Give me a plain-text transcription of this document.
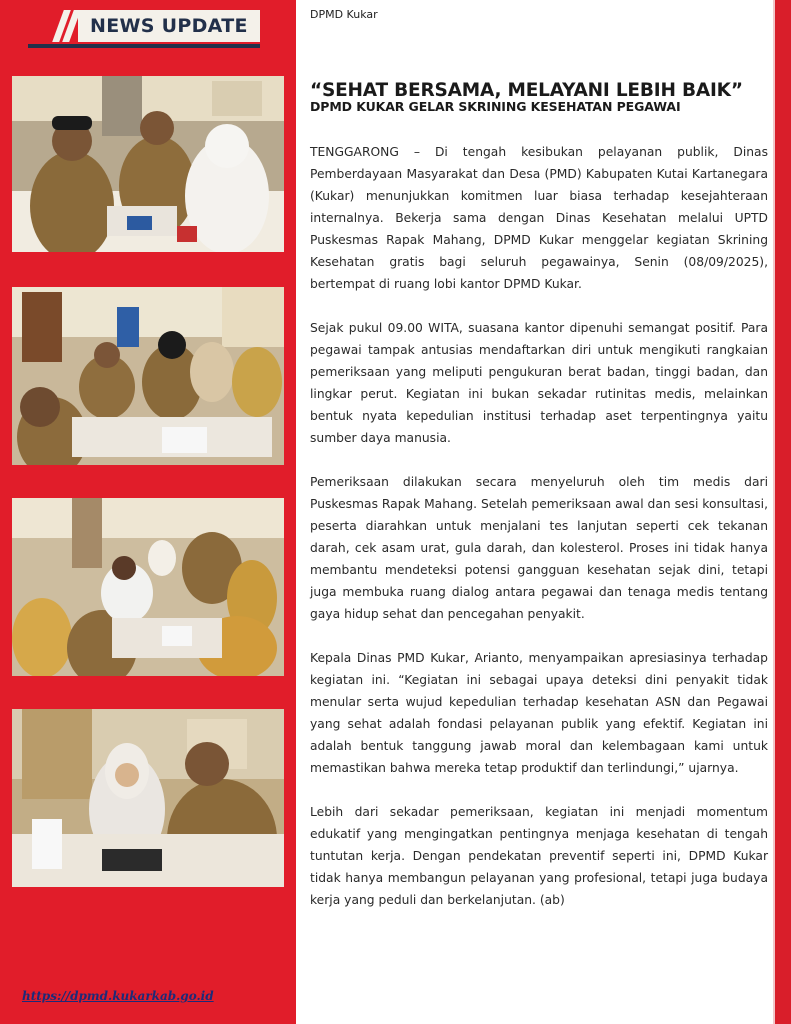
NEWS UPDATE
https://dpmd.kukarkab.go.id
DPMD Kukar
“SEHAT BERSAMA, MELAYANI LEBIH BAIK”
DPMD KUKAR GELAR SKRINING KESEHATAN PEGAWAI

TENGGARONG – Di tengah kesibukan pelayanan publik, Dinas Pemberdayaan Masyarakat dan Desa (PMD) Kabupaten Kutai Kartanegara (Kukar) menunjukkan komitmen luar biasa terhadap kesejahteraan internalnya. Bekerja sama dengan Dinas Kesehatan melalui UPTD Puskesmas Rapak Mahang, DPMD Kukar menggelar kegiatan Skrining Kesehatan gratis bagi seluruh pegawainya, Senin (08/09/2025), bertempat di ruang lobi kantor DPMD Kukar.

Sejak pukul 09.00 WITA, suasana kantor dipenuhi semangat positif. Para pegawai tampak antusias mendaftarkan diri untuk mengikuti rangkaian pemeriksaan yang meliputi pengukuran berat badan, tinggi badan, dan lingkar perut. Kegiatan ini bukan sekadar rutinitas medis, melainkan bentuk nyata kepedulian institusi terhadap aset terpentingnya yaitu sumber daya manusia.

Pemeriksaan dilakukan secara menyeluruh oleh tim medis dari Puskesmas Rapak Mahang. Setelah pemeriksaan awal dan sesi konsultasi, peserta diarahkan untuk menjalani tes lanjutan seperti cek tekanan darah, cek asam urat, gula darah, dan kolesterol. Proses ini tidak hanya membantu mendeteksi potensi gangguan kesehatan sejak dini, tetapi juga membuka ruang dialog antara pegawai dan tenaga medis tentang gaya hidup sehat dan pencegahan penyakit.

Kepala Dinas PMD Kukar, Arianto, menyampaikan apresiasinya terhadap kegiatan ini. “Kegiatan ini sebagai upaya deteksi dini penyakit tidak menular serta wujud kepedulian terhadap kesehatan ASN dan Pegawai yang sehat adalah fondasi pelayanan publik yang efektif. Kegiatan ini adalah bentuk tanggung jawab moral dan kelembagaan kami untuk memastikan bahwa mereka tetap produktif dan terlindungi,” ujarnya.

Lebih dari sekadar pemeriksaan, kegiatan ini menjadi momentum edukatif yang mengingatkan pentingnya menjaga kesehatan di tengah tuntutan kerja. Dengan pendekatan preventif seperti ini, DPMD Kukar tidak hanya membangun pelayanan yang profesional, tetapi juga budaya kerja yang peduli dan berkelanjutan. (ab)
